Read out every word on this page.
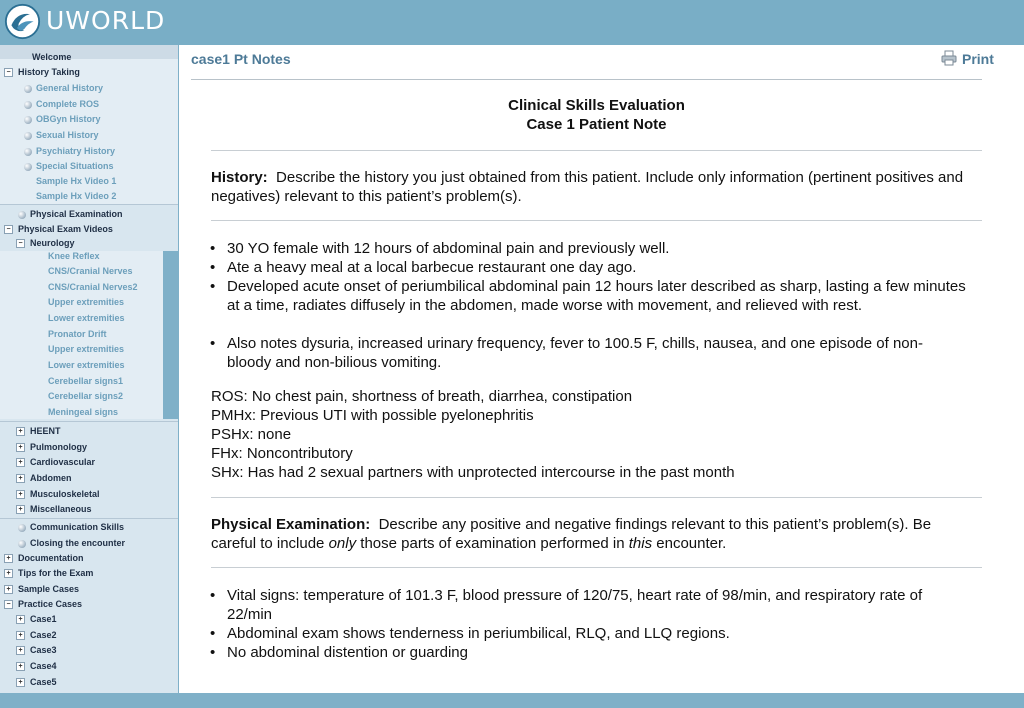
UWORLD
Welcome
− History Taking
General History
Complete ROS
OBGyn History
Sexual History
Psychiatry History
Special Situations
Sample Hx Video 1
Sample Hx Video 2
Physical Examination
− Physical Exam Videos
− Neurology
Knee Reflex
CNS/Cranial Nerves
CNS/Cranial Nerves2
Upper extremities
Lower extremities
Pronator Drift
Upper extremities
Lower extremities
Cerebellar signs1
Cerebellar signs2
Meningeal signs
+ HEENT
+ Pulmonology
+ Cardiovascular
+ Abdomen
+ Musculoskeletal
+ Miscellaneous
Communication Skills
Closing the encounter
+ Documentation
+ Tips for the Exam
+ Sample Cases
− Practice Cases
+ Case1
+ Case2
+ Case3
+ Case4
+ Case5
case1 Pt Notes	Print
Clinical Skills Evaluation
Case 1 Patient Note
History: Describe the history you just obtained from this patient. Include only information (pertinent positives and negatives) relevant to this patient’s problem(s).
• 30 YO female with 12 hours of abdominal pain and previously well.
• Ate a heavy meal at a local barbecue restaurant one day ago.
• Developed acute onset of periumbilical abdominal pain 12 hours later described as sharp, lasting a few minutes at a time, radiates diffusely in the abdomen, made worse with movement, and relieved with rest.
• Also notes dysuria, increased urinary frequency, fever to 100.5 F, chills, nausea, and one episode of non-bloody and non-bilious vomiting.
ROS: No chest pain, shortness of breath, diarrhea, constipation
PMHx: Previous UTI with possible pyelonephritis
PSHx: none
FHx: Noncontributory
SHx: Has had 2 sexual partners with unprotected intercourse in the past month
Physical Examination: Describe any positive and negative findings relevant to this patient’s problem(s). Be careful to include only those parts of examination performed in this encounter.
• Vital signs: temperature of 101.3 F, blood pressure of 120/75, heart rate of 98/min, and respiratory rate of 22/min
• Abdominal exam shows tenderness in periumbilical, RLQ, and LLQ regions.
• No abdominal distention or guarding
